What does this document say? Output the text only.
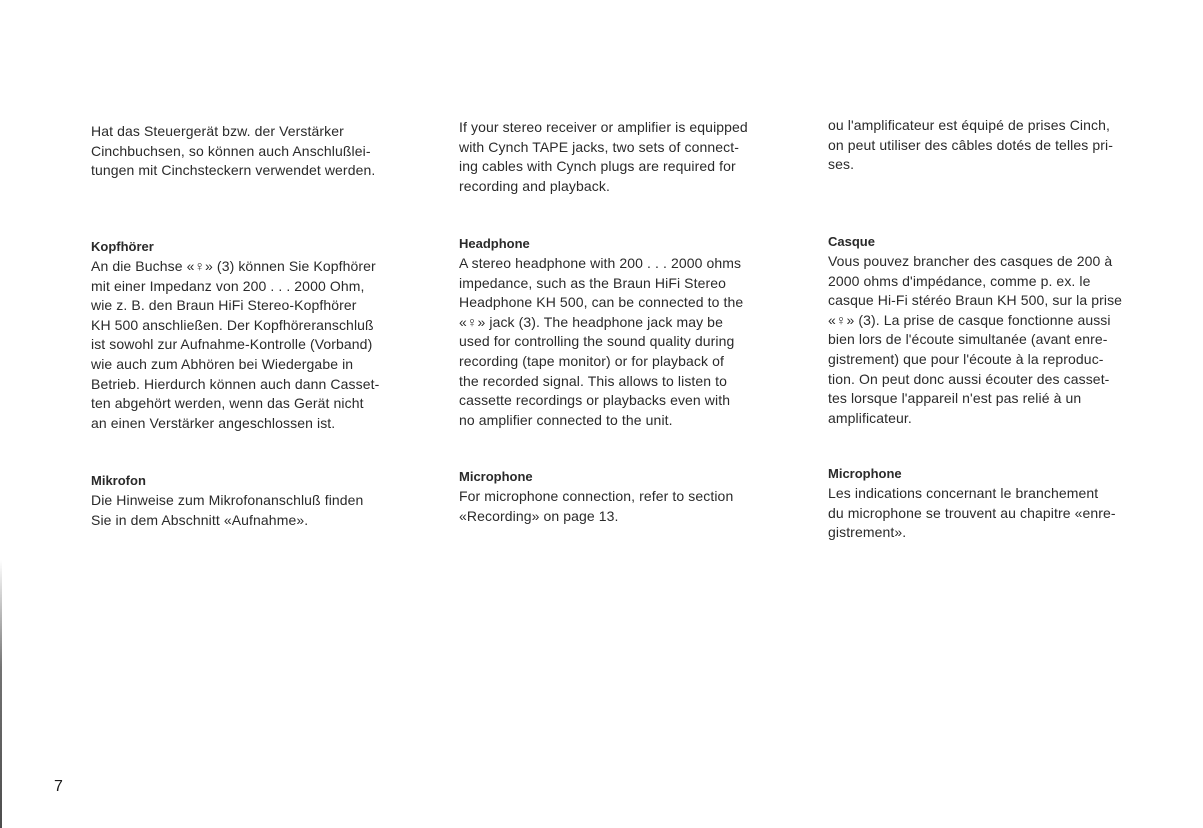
Hat das Steuergerät bzw. der Verstärker
Cinchbuchsen, so können auch Anschlußlei-
tungen mit Cinchsteckern verwendet werden.

Kopfhörer

An die Buchse «♀» (3) können Sie Kopfhörer
mit einer Impedanz von 200 . . . 2000 Ohm,
wie z. B. den Braun HiFi Stereo-Kopfhörer
KH 500 anschließen. Der Kopfhöreranschluß
ist sowohl zur Aufnahme-Kontrolle (Vorband)
wie auch zum Abhören bei Wiedergabe in
Betrieb. Hierdurch können auch dann Casset-
ten abgehört werden, wenn das Gerät nicht
an einen Verstärker angeschlossen ist.

Mikrofon

Die Hinweise zum Mikrofonanschluß finden
Sie in dem Abschnitt «Aufnahme».

If your stereo receiver or amplifier is equipped
with Cynch TAPE jacks, two sets of connect-
ing cables with Cynch plugs are required for
recording and playback.

Headphone

A stereo headphone with 200 . . . 2000 ohms
impedance, such as the Braun HiFi Stereo
Headphone KH 500, can be connected to the
«♀» jack (3). The headphone jack may be
used for controlling the sound quality during
recording (tape monitor) or for playback of
the recorded signal. This allows to listen to
cassette recordings or playbacks even with
no amplifier connected to the unit.

Microphone

For microphone connection, refer to section
«Recording» on page 13.

ou l'amplificateur est équipé de prises Cinch,
on peut utiliser des câbles dotés de telles pri-
ses.

Casque

Vous pouvez brancher des casques de 200 à
2000 ohms d'impédance, comme p. ex. le
casque Hi-Fi stéréo Braun KH 500, sur la prise
«♀» (3). La prise de casque fonctionne aussi
bien lors de l'écoute simultanée (avant enre-
gistrement) que pour l'écoute à la reproduc-
tion. On peut donc aussi écouter des casset-
tes lorsque l'appareil n'est pas relié à un
amplificateur.

Microphone

Les indications concernant le branchement
du microphone se trouvent au chapitre «enre-
gistrement».

7
